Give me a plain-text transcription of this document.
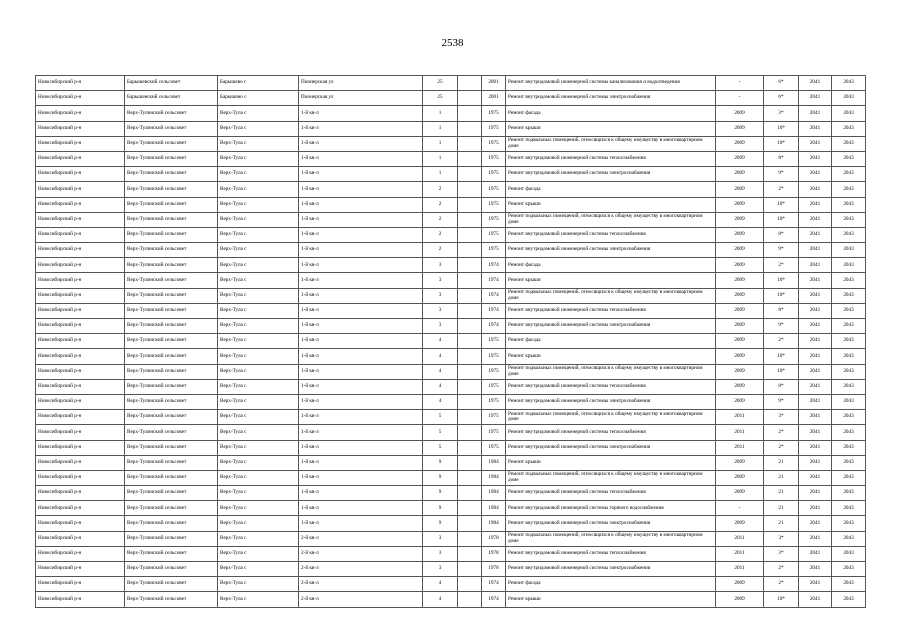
2538
Новосибирский р-н	Барышевский сельсовет	Барышево с	Пионерская ул	25		2001	Ремонт внутридомовой инженерной системы канализования и водоотведения	-	6*	2041	2043
Новосибирский р-н	Барышевский сельсовет	Барышево с	Пионерская ул	25		2001	Ремонт внутридомовой инженерной системы электроснабжения	-	6*	2041	2043
Новосибирский р-н	Верх-Тулинский сельсовет	Верх-Тула с	1-й кв-л	1		1975	Ремонт фасада	2009	3*	2041	2043
Новосибирский р-н	Верх-Тулинский сельсовет	Верх-Тула с	1-й кв-л	1		1975	Ремонт крыши	2009	10*	2041	2043
Новосибирский р-н	Верх-Тулинский сельсовет	Верх-Тула с	1-й кв-л	1		1975	Ремонт подвальных помещений, относящихся к общему имуществу в многоквартирном доме	2009	10*	2041	2043
Новосибирский р-н	Верх-Тулинский сельсовет	Верх-Тула с	1-й кв-л	1		1975	Ремонт внутридомовой инженерной системы теплоснабжения	2009	8*	2041	2043
Новосибирский р-н	Верх-Тулинский сельсовет	Верх-Тула с	1-й кв-л	1		1975	Ремонт внутридомовой инженерной системы электроснабжения	2009	9*	2041	2043
Новосибирский р-н	Верх-Тулинский сельсовет	Верх-Тула с	1-й кв-л	2		1975	Ремонт фасада	2009	2*	2041	2043
Новосибирский р-н	Верх-Тулинский сельсовет	Верх-Тула с	1-й кв-л	2		1975	Ремонт крыши	2009	10*	2041	2043
Новосибирский р-н	Верх-Тулинский сельсовет	Верх-Тула с	1-й кв-л	2		1975	Ремонт подвальных помещений, относящихся к общему имуществу в многоквартирном доме	2009	10*	2041	2043
Новосибирский р-н	Верх-Тулинский сельсовет	Верх-Тула с	1-й кв-л	2		1975	Ремонт внутридомовой инженерной системы теплоснабжения	2009	8*	2041	2043
Новосибирский р-н	Верх-Тулинский сельсовет	Верх-Тула с	1-й кв-л	2		1975	Ремонт внутридомовой инженерной системы электроснабжения	2009	9*	2041	2043
Новосибирский р-н	Верх-Тулинский сельсовет	Верх-Тула с	1-й кв-л	3		1974	Ремонт фасада	2009	2*	2041	2043
Новосибирский р-н	Верх-Тулинский сельсовет	Верх-Тула с	1-й кв-л	3		1974	Ремонт крыши	2009	10*	2041	2043
Новосибирский р-н	Верх-Тулинский сельсовет	Верх-Тула с	1-й кв-л	3		1974	Ремонт подвальных помещений, относящихся к общему имуществу в многоквартирном доме	2009	10*	2041	2043
Новосибирский р-н	Верх-Тулинский сельсовет	Верх-Тула с	1-й кв-л	3		1974	Ремонт внутридомовой инженерной системы теплоснабжения	2009	8*	2041	2043
Новосибирский р-н	Верх-Тулинский сельсовет	Верх-Тула с	1-й кв-л	3		1974	Ремонт внутридомовой инженерной системы электроснабжения	2009	9*	2041	2043
Новосибирский р-н	Верх-Тулинский сельсовет	Верх-Тула с	1-й кв-л	4		1975	Ремонт фасада	2009	2*	2041	2043
Новосибирский р-н	Верх-Тулинский сельсовет	Верх-Тула с	1-й кв-л	4		1975	Ремонт крыши	2009	10*	2041	2043
Новосибирский р-н	Верх-Тулинский сельсовет	Верх-Тула с	1-й кв-л	4		1975	Ремонт подвальных помещений, относящихся к общему имуществу в многоквартирном доме	2009	10*	2041	2043
Новосибирский р-н	Верх-Тулинский сельсовет	Верх-Тула с	1-й кв-л	4		1975	Ремонт внутридомовой инженерной системы теплоснабжения	2009	8*	2041	2043
Новосибирский р-н	Верх-Тулинский сельсовет	Верх-Тула с	1-й кв-л	4		1975	Ремонт внутридомовой инженерной системы электроснабжения	2009	9*	2041	2043
Новосибирский р-н	Верх-Тулинский сельсовет	Верх-Тула с	1-й кв-л	5		1975	Ремонт подвальных помещений, относящихся к общему имуществу в многоквартирном доме	2011	3*	2041	2043
Новосибирский р-н	Верх-Тулинский сельсовет	Верх-Тула с	1-й кв-л	5		1975	Ремонт внутридомовой инженерной системы теплоснабжения	2011	2*	2041	2043
Новосибирский р-н	Верх-Тулинский сельсовет	Верх-Тула с	1-й кв-л	5		1975	Ремонт внутридомовой инженерной системы электроснабжения	2011	2*	2041	2043
Новосибирский р-н	Верх-Тулинский сельсовет	Верх-Тула с	1-й кв-л	9		1984	Ремонт крыши	2009	21	2041	2043
Новосибирский р-н	Верх-Тулинский сельсовет	Верх-Тула с	1-й кв-л	9		1984	Ремонт подвальных помещений, относящихся к общему имуществу в многоквартирном доме	2009	21	2041	2043
Новосибирский р-н	Верх-Тулинский сельсовет	Верх-Тула с	1-й кв-л	9		1984	Ремонт внутридомовой инженерной системы теплоснабжения	2009	21	2041	2043
Новосибирский р-н	Верх-Тулинский сельсовет	Верх-Тула с	1-й кв-л	9		1984	Ремонт внутридомовой инженерной системы горячего водоснабжения	-	21	2041	2043
Новосибирский р-н	Верх-Тулинский сельсовет	Верх-Тула с	1-й кв-л	9		1984	Ремонт внутридомовой инженерной системы электроснабжения	2009	21	2041	2043
Новосибирский р-н	Верх-Тулинский сельсовет	Верх-Тула с	2-й кв-л	3		1978	Ремонт подвальных помещений, относящихся к общему имуществу в многоквартирном доме	2011	3*	2041	2043
Новосибирский р-н	Верх-Тулинский сельсовет	Верх-Тула с	2-й кв-л	3		1978	Ремонт внутридомовой инженерной системы теплоснабжения	2011	3*	2041	2043
Новосибирский р-н	Верх-Тулинский сельсовет	Верх-Тула с	2-й кв-л	3		1978	Ремонт внутридомовой инженерной системы электроснабжения	2011	2*	2041	2043
Новосибирский р-н	Верх-Тулинский сельсовет	Верх-Тула с	2-й кв-л	4		1974	Ремонт фасада	2009	2*	2041	2043
Новосибирский р-н	Верх-Тулинский сельсовет	Верх-Тула с	2-й кв-л	4		1974	Ремонт крыши	2009	10*	2041	2043
